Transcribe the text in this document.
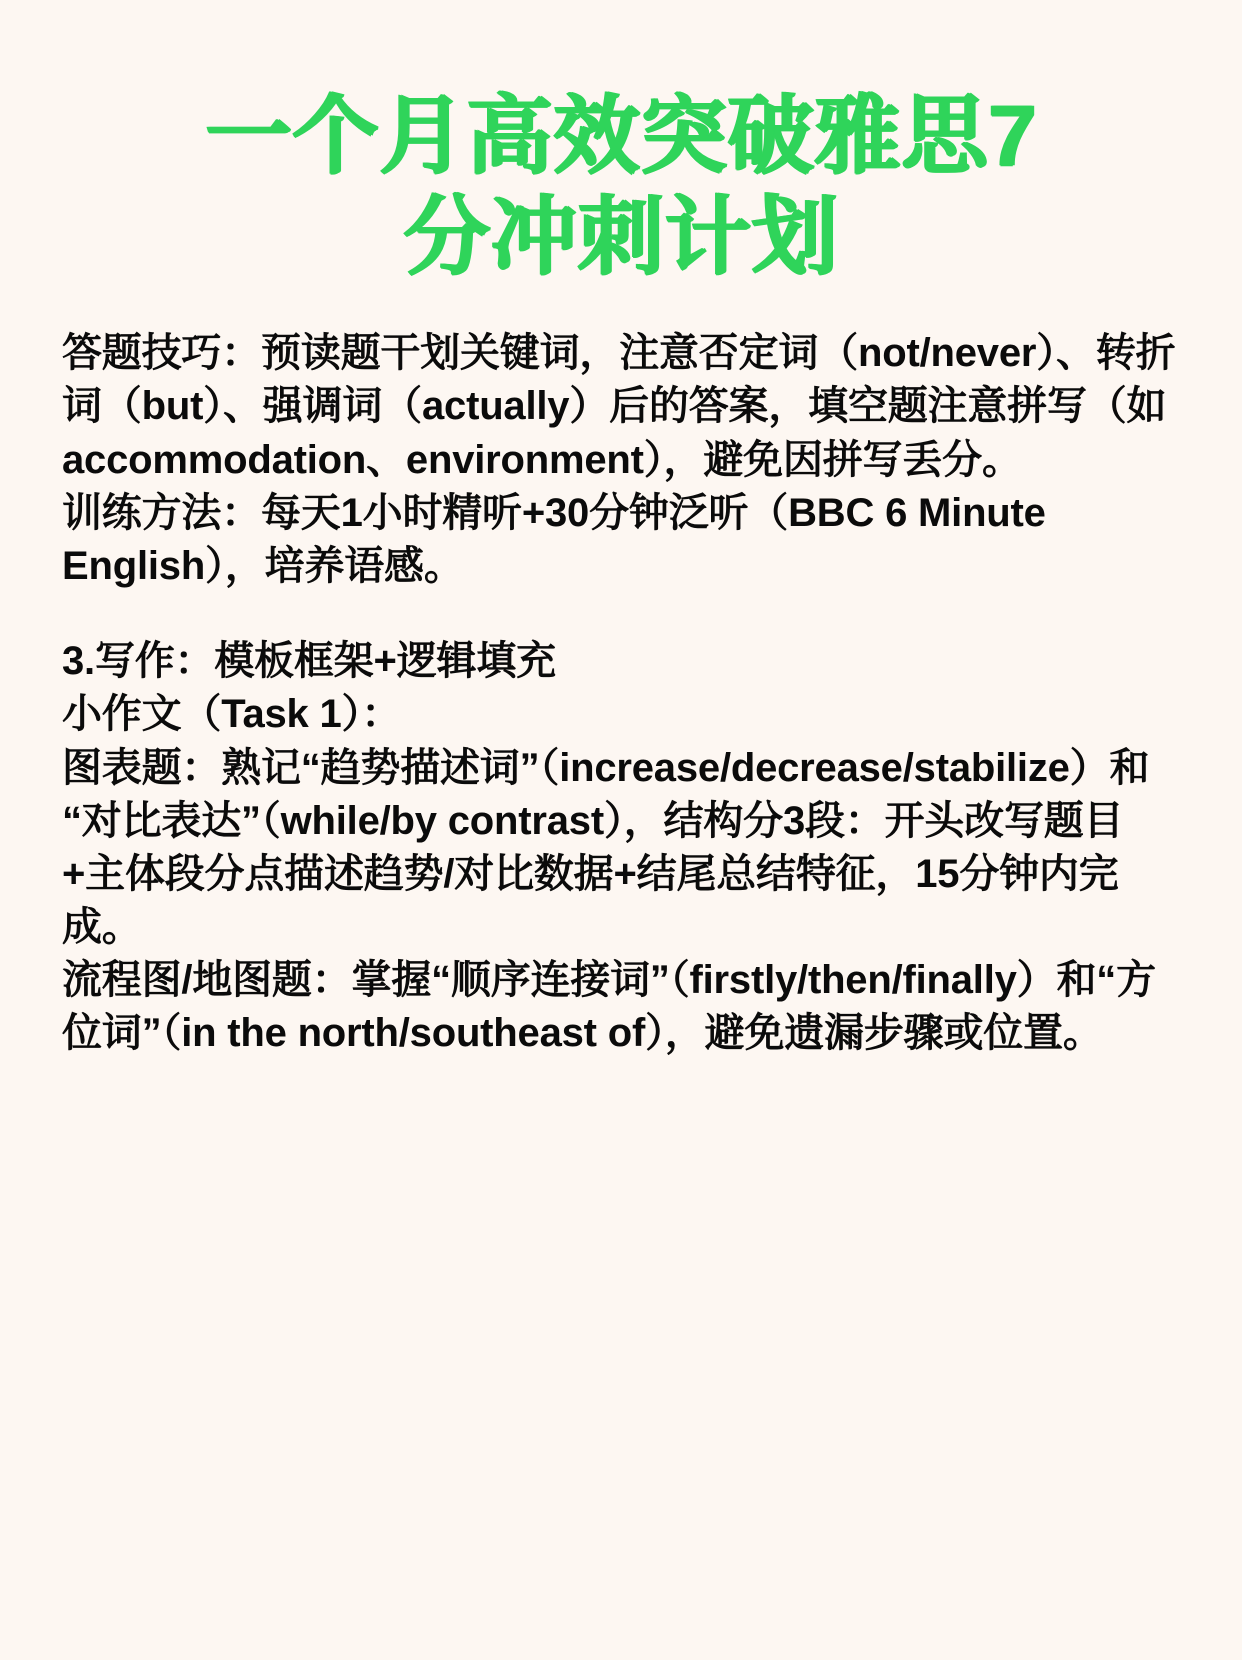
一个月高效突破雅思7
分冲刺计划

答题技巧：预读题干划关键词，注意否定词（not/never）、转折词（but）、强调词（actually）后的答案，填空题注意拼写（如accommodation、environment），避免因拼写丢分。

训练方法：每天1小时精听+30分钟泛听（BBC 6 Minute English），培养语感。

3.写作：模板框架+逻辑填充

小作文（Task 1）：

图表题：熟记“趋势描述词”（increase/decrease/stabilize）和“对比表达”（while/by contrast），结构分3段：开头改写题目+主体段分点描述趋势/对比数据+结尾总结特征，15分钟内完成。

流程图/地图题：掌握“顺序连接词”（firstly/then/finally）和“方位词”（in the north/southeast of），避免遗漏步骤或位置。
